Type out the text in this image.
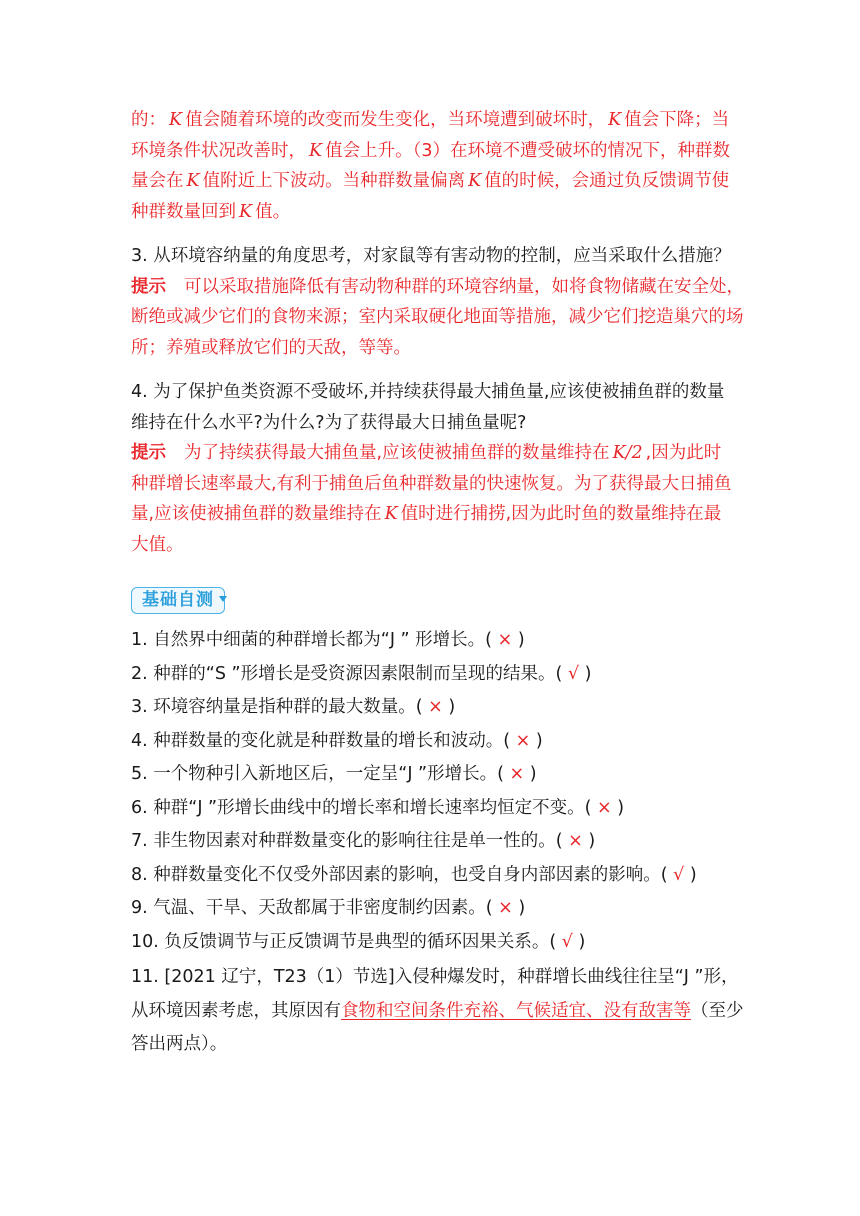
的： K 值会随着环境的改变而发生变化，当环境遭到破坏时， K 值会下降；当
环境条件状况改善时， K 值会上升。（3）在环境不遭受破坏的情况下，种群数
量会在 K 值附近上下波动。当种群数量偏离 K 值的时候，会通过负反馈调节使
种群数量回到 K 值。
3. 从环境容纳量的角度思考，对家鼠等有害动物的控制，应当采取什么措施？
提示 可以采取措施降低有害动物种群的环境容纳量，如将食物储藏在安全处，
断绝或减少它们的食物来源；室内采取硬化地面等措施，减少它们挖造巢穴的场
所；养殖或释放它们的天敌，等等。
4. 为了保护鱼类资源不受破坏,并持续获得最大捕鱼量,应该使被捕鱼群的数量
维持在什么水平?为什么?为了获得最大日捕鱼量呢?
提示 为了持续获得最大捕鱼量,应该使被捕鱼群的数量维持在 K/2 ,因为此时
种群增长速率最大,有利于捕鱼后鱼种群数量的快速恢复。为了获得最大日捕鱼
量,应该使被捕鱼群的数量维持在 K 值时进行捕捞,因为此时鱼的数量维持在最
大值。
基础自测
1. 自然界中细菌的种群增长都为“J ” 形增长。( × )
2. 种群的“S ”形增长是受资源因素限制而呈现的结果。( √ )
3. 环境容纳量是指种群的最大数量。( × )
4. 种群数量的变化就是种群数量的增长和波动。( × )
5. 一个物种引入新地区后，一定呈“J ”形增长。( × )
6. 种群“J ”形增长曲线中的增长率和增长速率均恒定不变。( × )
7. 非生物因素对种群数量变化的影响往往是单一性的。( × )
8. 种群数量变化不仅受外部因素的影响，也受自身内部因素的影响。( √ )
9. 气温、干旱、天敌都属于非密度制约因素。( × )
10. 负反馈调节与正反馈调节是典型的循环因果关系。( √ )
11. [2021 辽宁，T23（1）节选]入侵种爆发时，种群增长曲线往往呈“J ”形，
从环境因素考虑，其原因有食物和空间条件充裕、气候适宜、没有敌害等（至少
答出两点）。
